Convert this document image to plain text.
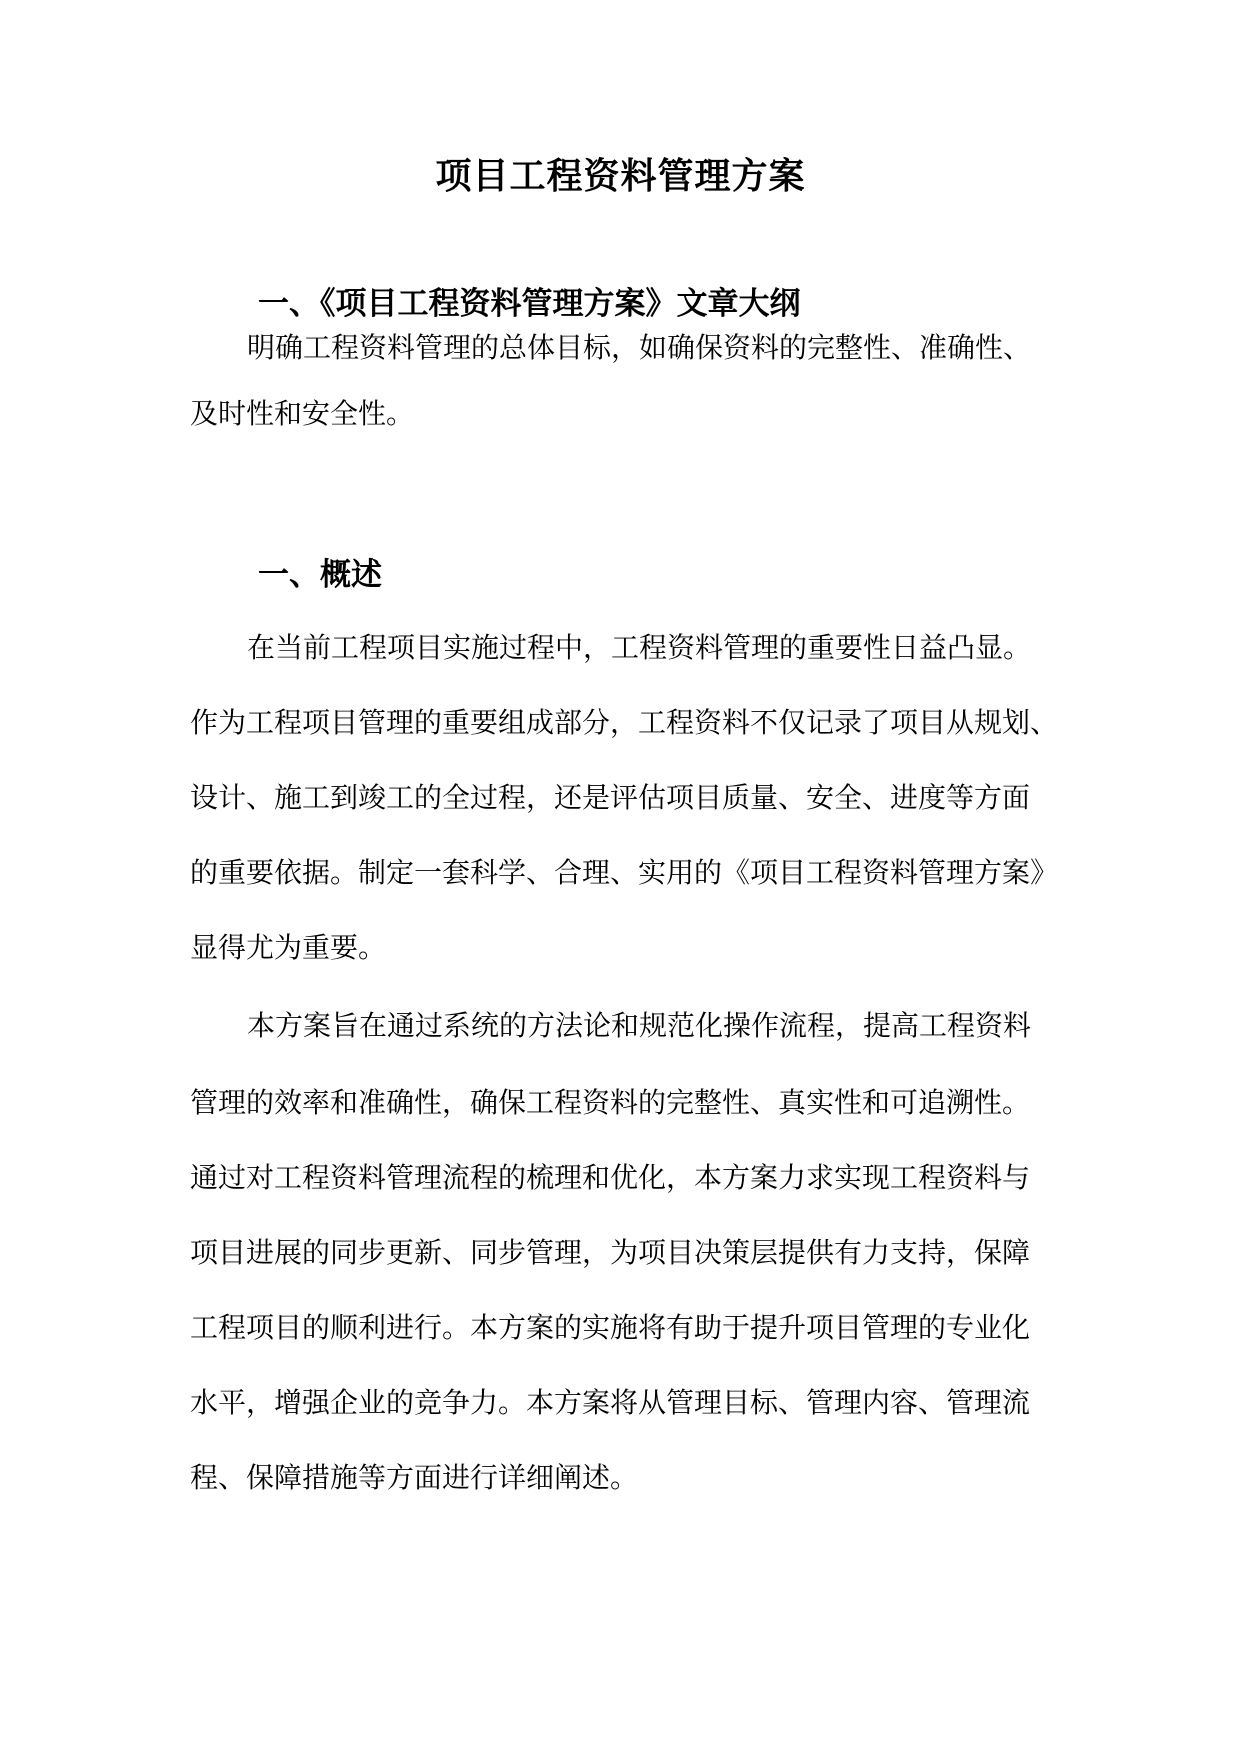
项目工程资料管理方案
一、《项目工程资料管理方案》文章大纲
明确工程资料管理的总体目标，如确保资料的完整性、准确性、
及时性和安全性。
一、概述
在当前工程项目实施过程中，工程资料管理的重要性日益凸显。
作为工程项目管理的重要组成部分，工程资料不仅记录了项目从规划、
设计、施工到竣工的全过程，还是评估项目质量、安全、进度等方面
的重要依据。制定一套科学、合理、实用的《项目工程资料管理方案》
显得尤为重要。
本方案旨在通过系统的方法论和规范化操作流程，提高工程资料
管理的效率和准确性，确保工程资料的完整性、真实性和可追溯性。
通过对工程资料管理流程的梳理和优化，本方案力求实现工程资料与
项目进展的同步更新、同步管理，为项目决策层提供有力支持，保障
工程项目的顺利进行。本方案的实施将有助于提升项目管理的专业化
水平，增强企业的竞争力。本方案将从管理目标、管理内容、管理流
程、保障措施等方面进行详细阐述。
